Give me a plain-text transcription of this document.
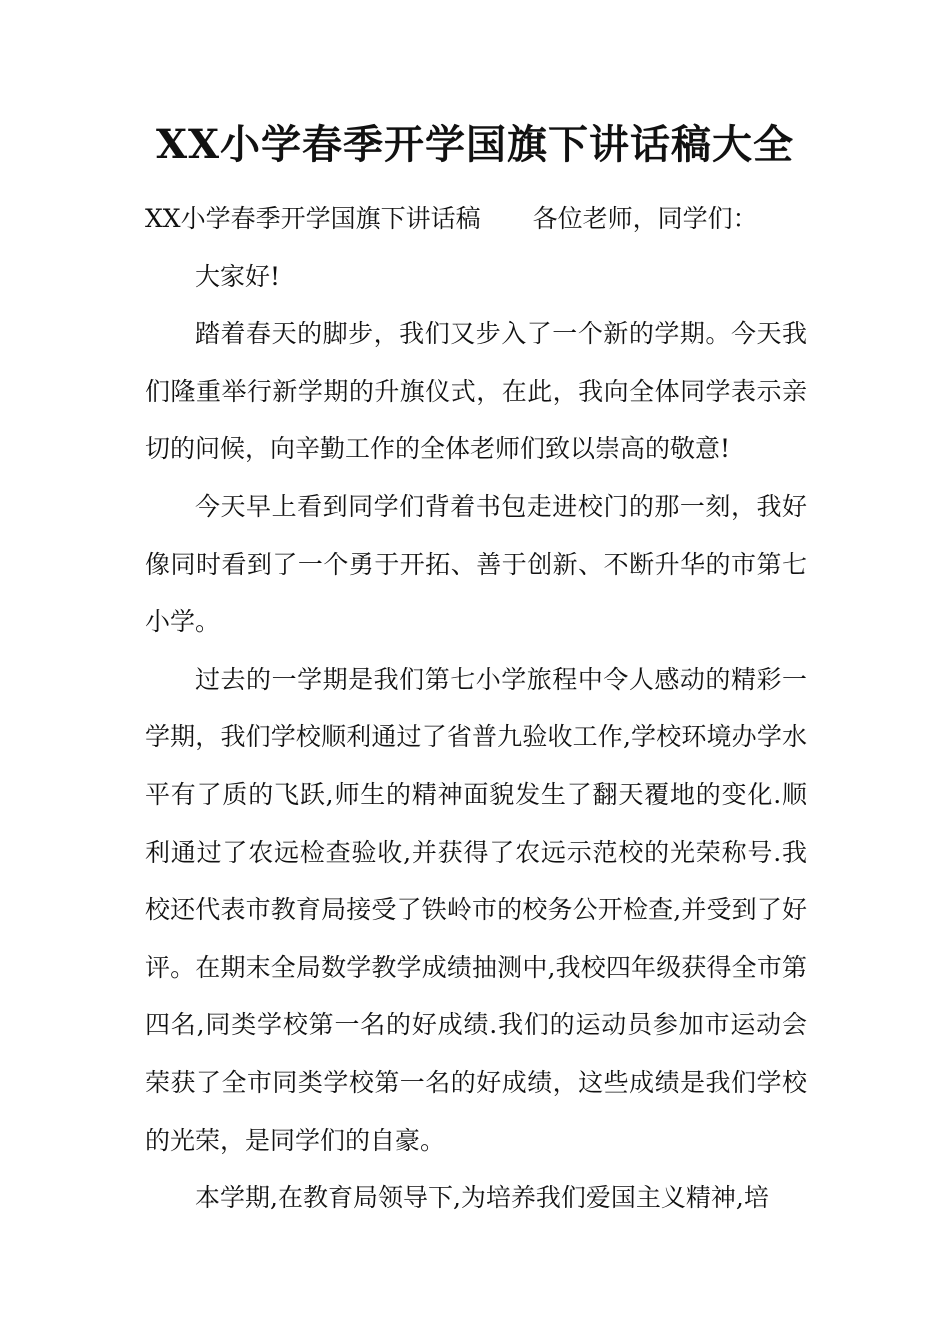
XX小学春季开学国旗下讲话稿大全

XX小学春季开学国旗下讲话稿 各位老师，同学们：

大家好!

踏着春天的脚步，我们又步入了一个新的学期。今天我们隆重举行新学期的升旗仪式，在此，我向全体同学表示亲切的问候，向辛勤工作的全体老师们致以崇高的敬意!

今天早上看到同学们背着书包走进校门的那一刻，我好像同时看到了一个勇于开拓、善于创新、不断升华的市第七小学。

过去的一学期是我们第七小学旅程中令人感动的精彩一学期，我们学校顺利通过了省普九验收工作,学校环境办学水平有了质的飞跃,师生的精神面貌发生了翻天覆地的变化.顺利通过了农远检查验收,并获得了农远示范校的光荣称号.我校还代表市教育局接受了铁岭市的校务公开检查,并受到了好评。在期末全局数学教学成绩抽测中,我校四年级获得全市第四名,同类学校第一名的好成绩.我们的运动员参加市运动会荣获了全市同类学校第一名的好成绩，这些成绩是我们学校的光荣，是同学们的自豪。

本学期,在教育局领导下,为培养我们爱国主义精神,培
